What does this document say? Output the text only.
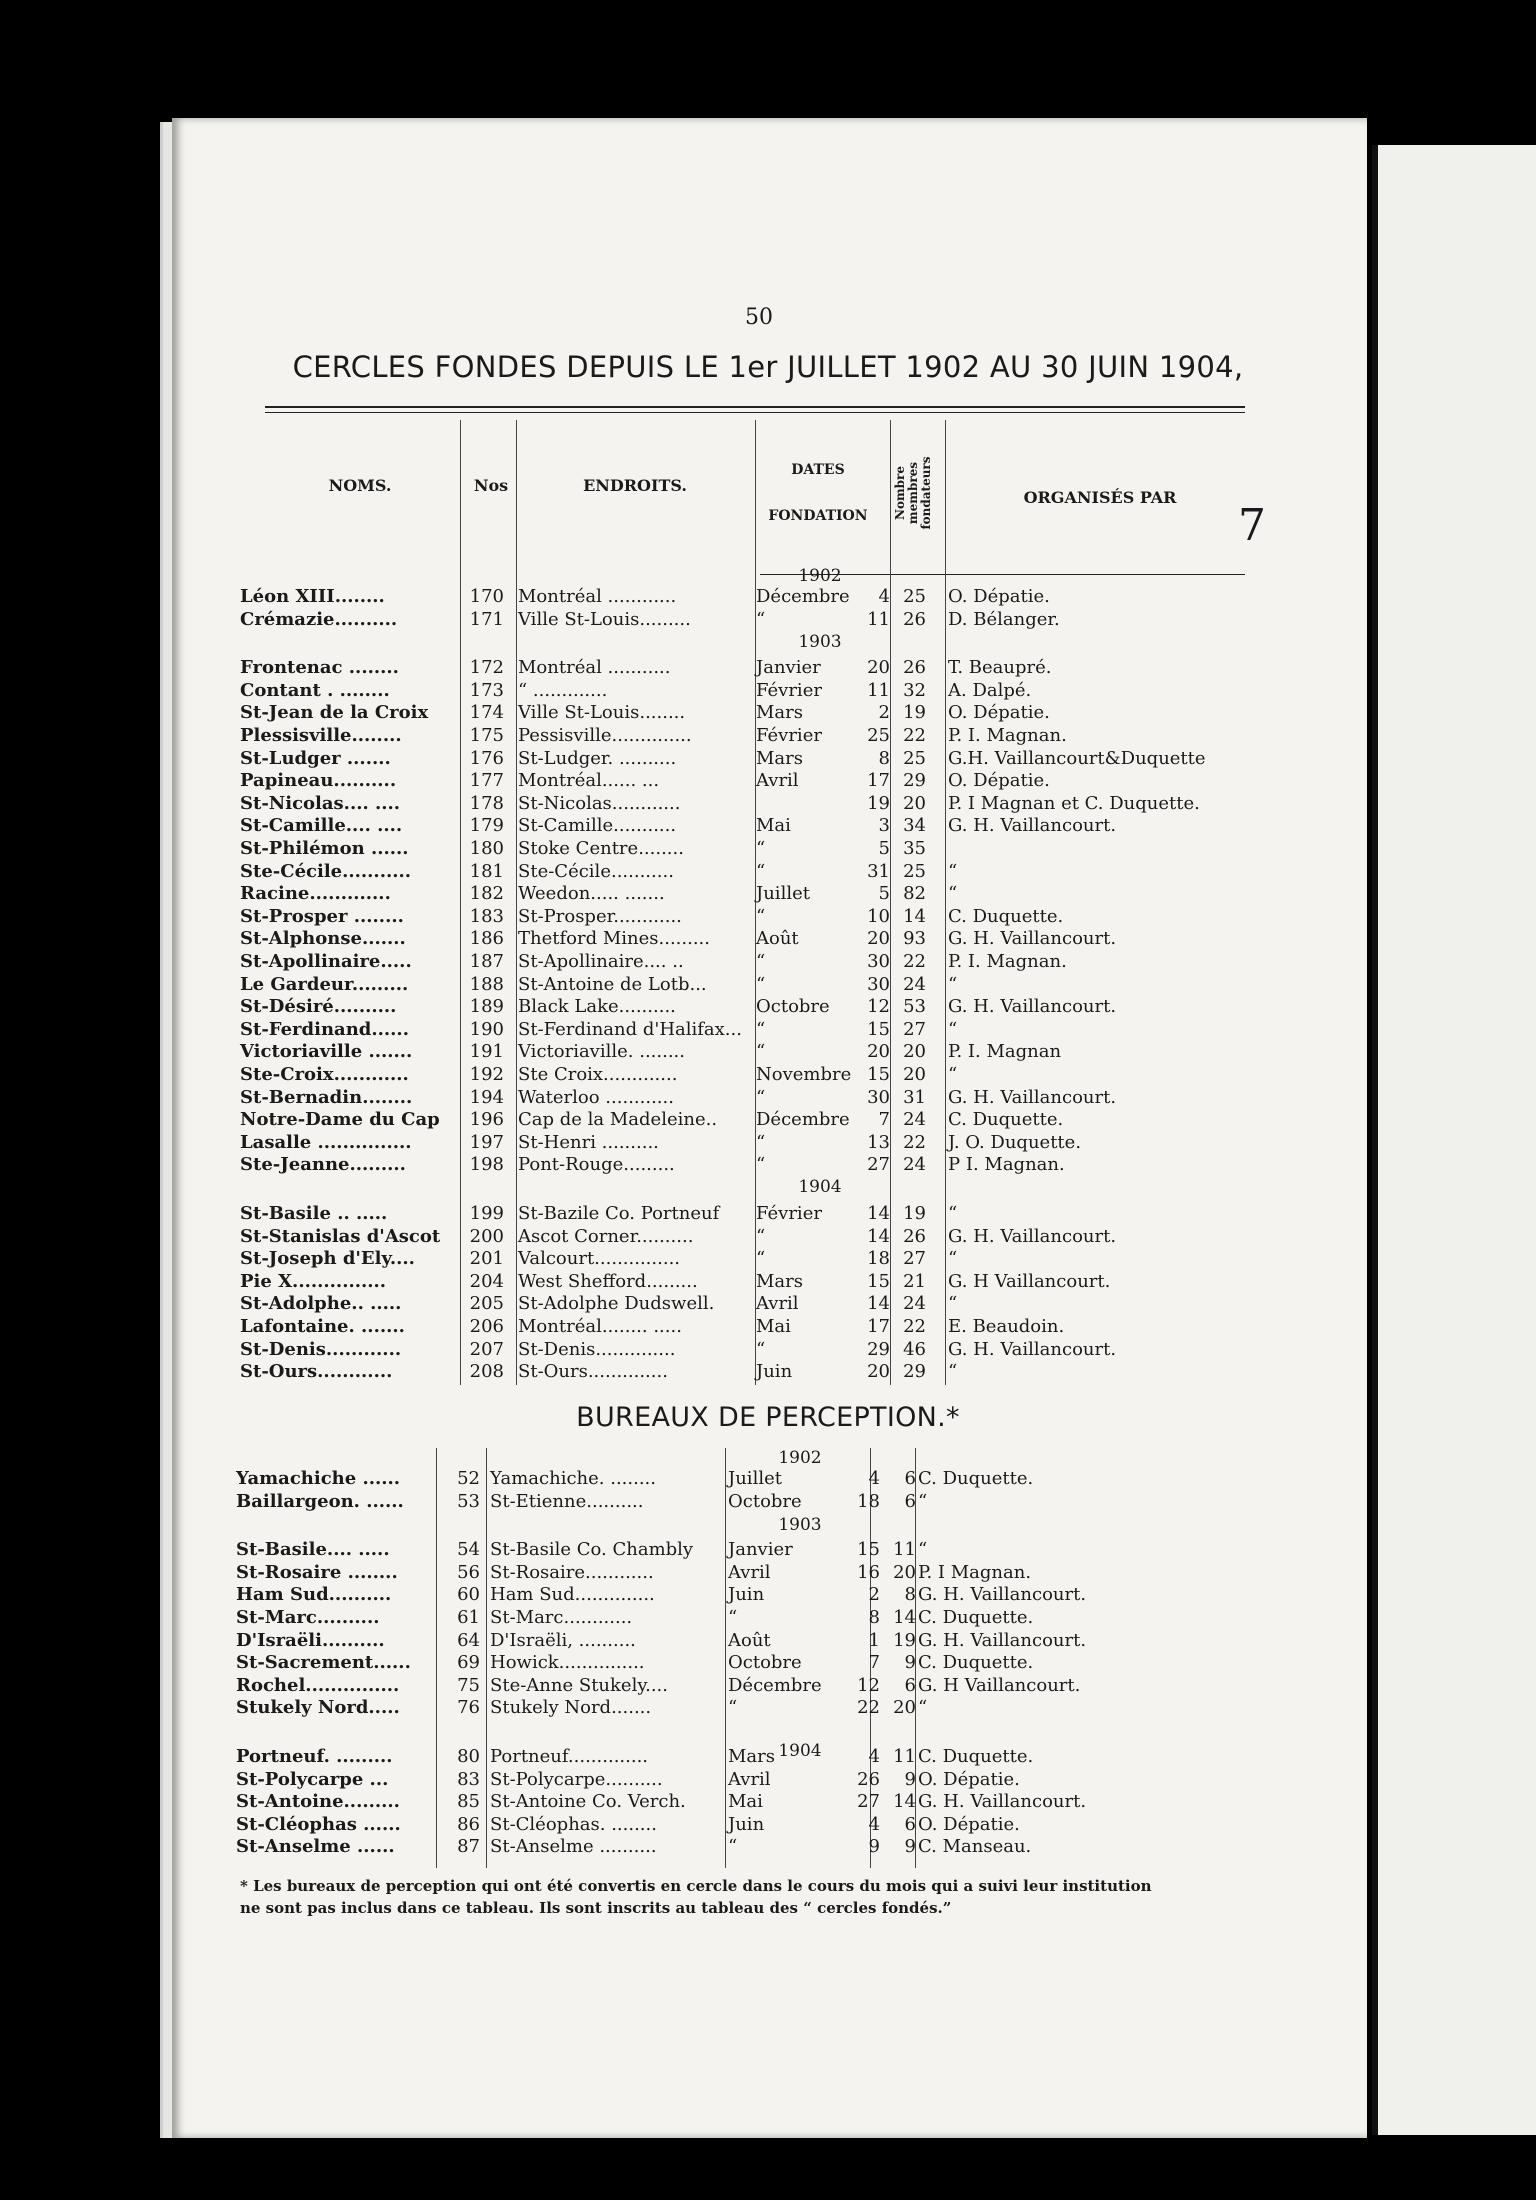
50
CERCLES FONDES DEPUIS LE 1er JUILLET 1902 AU 30 JUIN 1904,
NOMS.	Nos	ENDROITS.
DATES
FONDATION	Nombre membres fondateurs	ORGANISÉS PAR
7
1902
1903
1904
Léon XIII........	170 Montréal ............	Décembre	4 25 O. Dépatie.
Crémazie..........	171 Ville St-Louis.........	“	11 26 D. Bélanger.
Frontenac ........	172 Montréal ...........	Janvier	20 26 T. Beaupré.
Contant . ........	173 “ .............	Février	11 32 A. Dalpé.
St-Jean de la Croix	174 Ville St-Louis........	Mars	2 19 O. Dépatie.
Plessisville........	175 Pessisville..............	Février	25 22 P. I. Magnan.
St-Ludger .......	176 St-Ludger. ..........	Mars	8 25 G.H. Vaillancourt&Duquette
Papineau..........	177 Montréal...... ...	Avril	17 29 O. Dépatie.
St-Nicolas.... ....	178 St-Nicolas............	19 20 P. I Magnan et C. Duquette.
St-Camille.... ....	179 St-Camille...........	Mai	3 34 G. H. Vaillancourt.
St-Philémon ......	180 Stoke Centre........	“	5 35
Ste-Cécile...........	181 Ste-Cécile...........	“	31 25 “
Racine.............	182 Weedon..... .......	Juillet	5 82 “
St-Prosper ........	183 St-Prosper............	“	10 14 C. Duquette.
St-Alphonse.......	186 Thetford Mines.........	Août	20 93 G. H. Vaillancourt.
St-Apollinaire.....	187 St-Apollinaire.... ..	“	30 22 P. I. Magnan.
Le Gardeur.........	188 St-Antoine de Lotb...	“	30 24 “
St-Désiré..........	189 Black Lake..........	Octobre	12 53 G. H. Vaillancourt.
St-Ferdinand......	190 St-Ferdinand d'Halifax... “	15 27 “
Victoriaville .......	191 Victoriaville. ........	“	20 20 P. I. Magnan
Ste-Croix............	192 Ste Croix.............	Novembre 15 20 “
St-Bernadin........	194 Waterloo ............	“	30 31 G. H. Vaillancourt.
Notre-Dame du Cap	196 Cap de la Madeleine.. Décembre	7 24 C. Duquette.
Lasalle ...............	197 St-Henri ..........	“	13 22 J. O. Duquette.
Ste-Jeanne.........	198 Pont-Rouge.........	“	27 24 P I. Magnan.
St-Basile .. .....	199 St-Bazile Co. Portneuf Février	14 19 “
St-Stanislas d'Ascot	200 Ascot Corner..........	“	14 26 G. H. Vaillancourt.
St-Joseph d'Ely....	201 Valcourt...............	“	18 27 “
Pie X...............	204 West Shefford.........	Mars	15 21 G. H Vaillancourt.
St-Adolphe.. .....	205 St-Adolphe Dudswell. Avril	14 24 “
Lafontaine. .......	206 Montréal........ .....	Mai	17 22 E. Beaudoin.
St-Denis............	207 St-Denis..............	“	29 46 G. H. Vaillancourt.
St-Ours............	208 St-Ours..............	Juin	20 29 “
BUREAUX DE PERCEPTION.*
1902
1903
1904
Yamachiche ......	52 Yamachiche. ........	Juillet	4	6 C. Duquette.
Baillargeon. ......	53 St-Etienne..........	Octobre	18	6 “
St-Basile.... .....	54 St-Basile Co. Chambly Janvier	15 11 “
St-Rosaire ........	56 St-Rosaire............	Avril	16 20 P. I Magnan.
Ham Sud..........	60 Ham Sud..............	Juin	2	8 G. H. Vaillancourt.
St-Marc..........	61 St-Marc............	“	8 14 C. Duquette.
D'Israëli..........	64 D'Israëli, ..........	Août	1 19 G. H. Vaillancourt.
St-Sacrement......	69 Howick...............	Octobre	7	9 C. Duquette.
Rochel...............	75 Ste-Anne Stukely....	Décembre	12	6 G. H Vaillancourt.
Stukely Nord.....	76 Stukely Nord.......	“	22 20 “
Portneuf. .........	80 Portneuf..............	Mars	4 11 C. Duquette.
St-Polycarpe ...	83 St-Polycarpe..........	Avril	26	9 O. Dépatie.
St-Antoine.........	85 St-Antoine Co. Verch. Mai	27 14 G. H. Vaillancourt.
St-Cléophas ......	86 St-Cléophas. ........	Juin	4	6 O. Dépatie.
St-Anselme ......	87 St-Anselme ..........	“	9	9 C. Manseau.

* Les bureaux de perception qui ont été convertis en cercle dans le cours du mois qui a suivi leur institution

ne sont pas inclus dans ce tableau. Ils sont inscrits au tableau des “ cercles fondés.”
